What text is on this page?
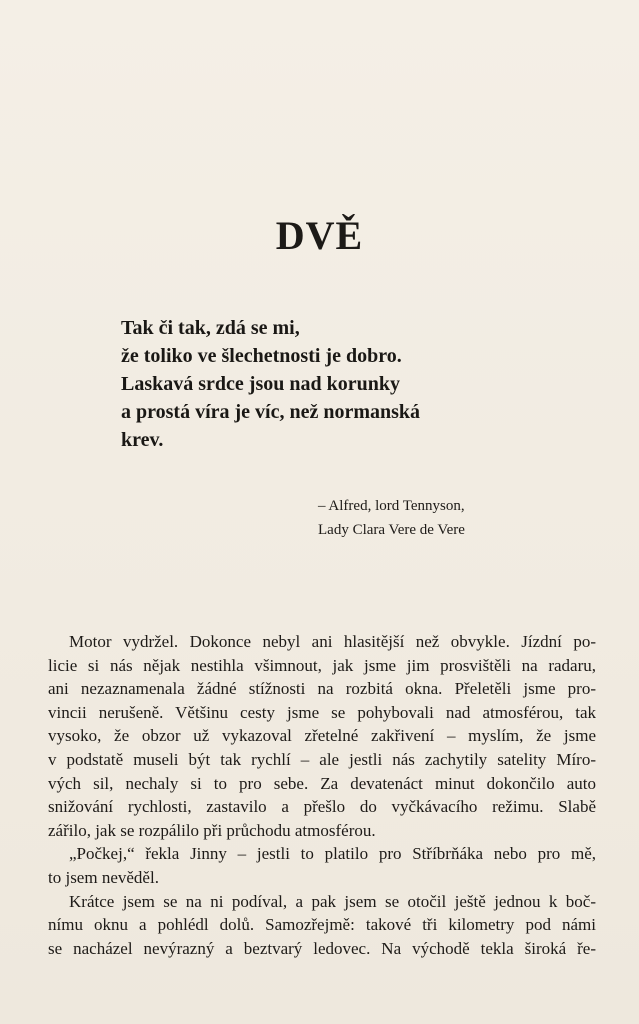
DVĚ
Tak či tak, zdá se mi,
že toliko ve šlechetnosti je dobro.
Laskavá srdce jsou nad korunky
a prostá víra je víc, než normanská
krev.
– Alfred, lord Tennyson,
Lady Clara Vere de Vere
Motor vydržel. Dokonce nebyl ani hlasitější než obvykle. Jízdní po-
licie si nás nějak nestihla všimnout, jak jsme jim prosvištěli na radaru,
ani nezaznamenala žádné stížnosti na rozbitá okna. Přeletěli jsme pro-
vincii nerušeně. Většinu cesty jsme se pohybovali nad atmosférou, tak
vysoko, že obzor už vykazoval zřetelné zakřivení – myslím, že jsme
v podstatě museli být tak rychlí – ale jestli nás zachytily satelity Míro-
vých sil, nechaly si to pro sebe. Za devatenáct minut dokončilo auto
snižování rychlosti, zastavilo a přešlo do vyčkávacího režimu. Slabě
zářilo, jak se rozpálilo při průchodu atmosférou.
„Počkej,“ řekla Jinny – jestli to platilo pro Stříbrňáka nebo pro mě,
to jsem nevěděl.
Krátce jsem se na ni podíval, a pak jsem se otočil ještě jednou k boč-
nímu oknu a pohlédl dolů. Samozřejmě: takové tři kilometry pod námi
se nacházel nevýrazný a beztvarý ledovec. Na východě tekla široká ře-
